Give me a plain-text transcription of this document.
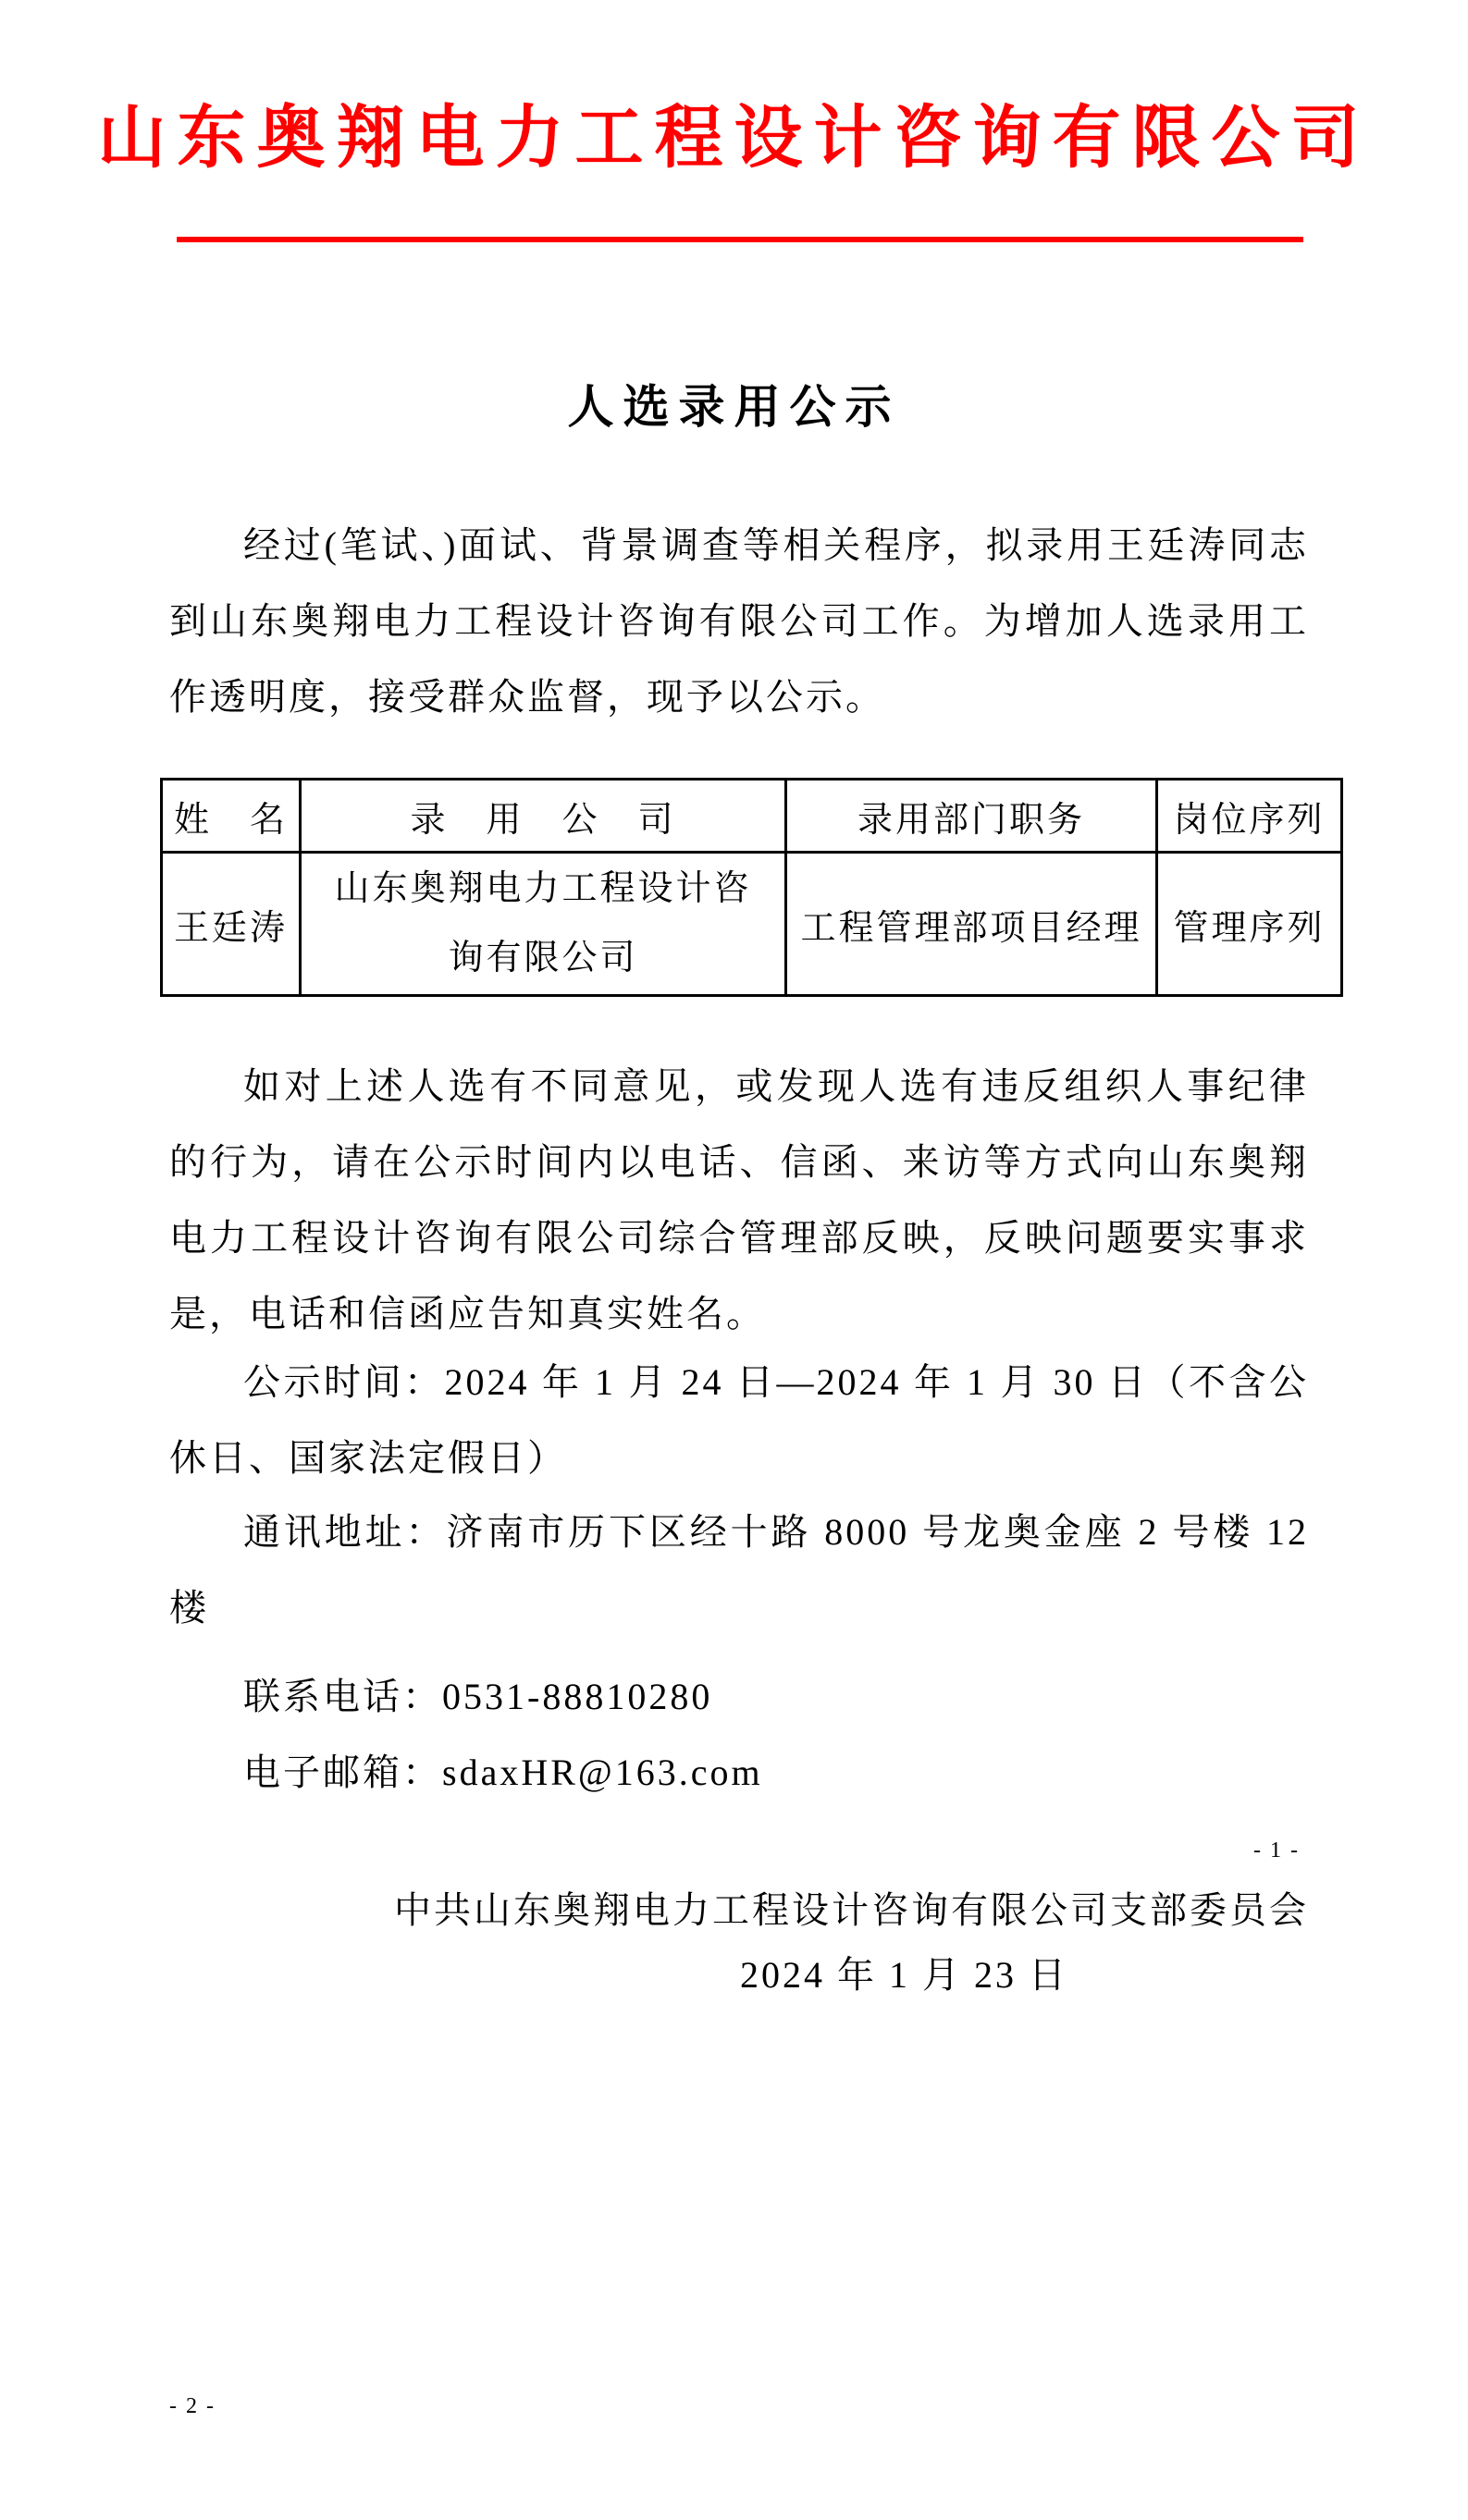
山东奥翔电力工程设计咨询有限公司
人选录用公示
经过(笔试、)面试、背景调查等相关程序，拟录用王廷涛同志到山东奥翔电力工程设计咨询有限公司工作。为增加人选录用工作透明度，接受群众监督，现予以公示。
姓　名	录　用　公　司	录用部门职务	岗位序列
王廷涛	山东奥翔电力工程设计咨询有限公司	工程管理部项目经理	管理序列
如对上述人选有不同意见，或发现人选有违反组织人事纪律的行为，请在公示时间内以电话、信函、来访等方式向山东奥翔电力工程设计咨询有限公司综合管理部反映，反映问题要实事求是，电话和信函应告知真实姓名。
公示时间：2024 年 1 月 24 日—2024 年 1 月 30 日（不含公休日、国家法定假日）
通讯地址：济南市历下区经十路 8000 号龙奥金座 2 号楼 12 楼
联系电话：0531-88810280
电子邮箱：sdaxHR@163.com
- 1 -
中共山东奥翔电力工程设计咨询有限公司支部委员会
2024 年 1 月 23 日
- 2 -
